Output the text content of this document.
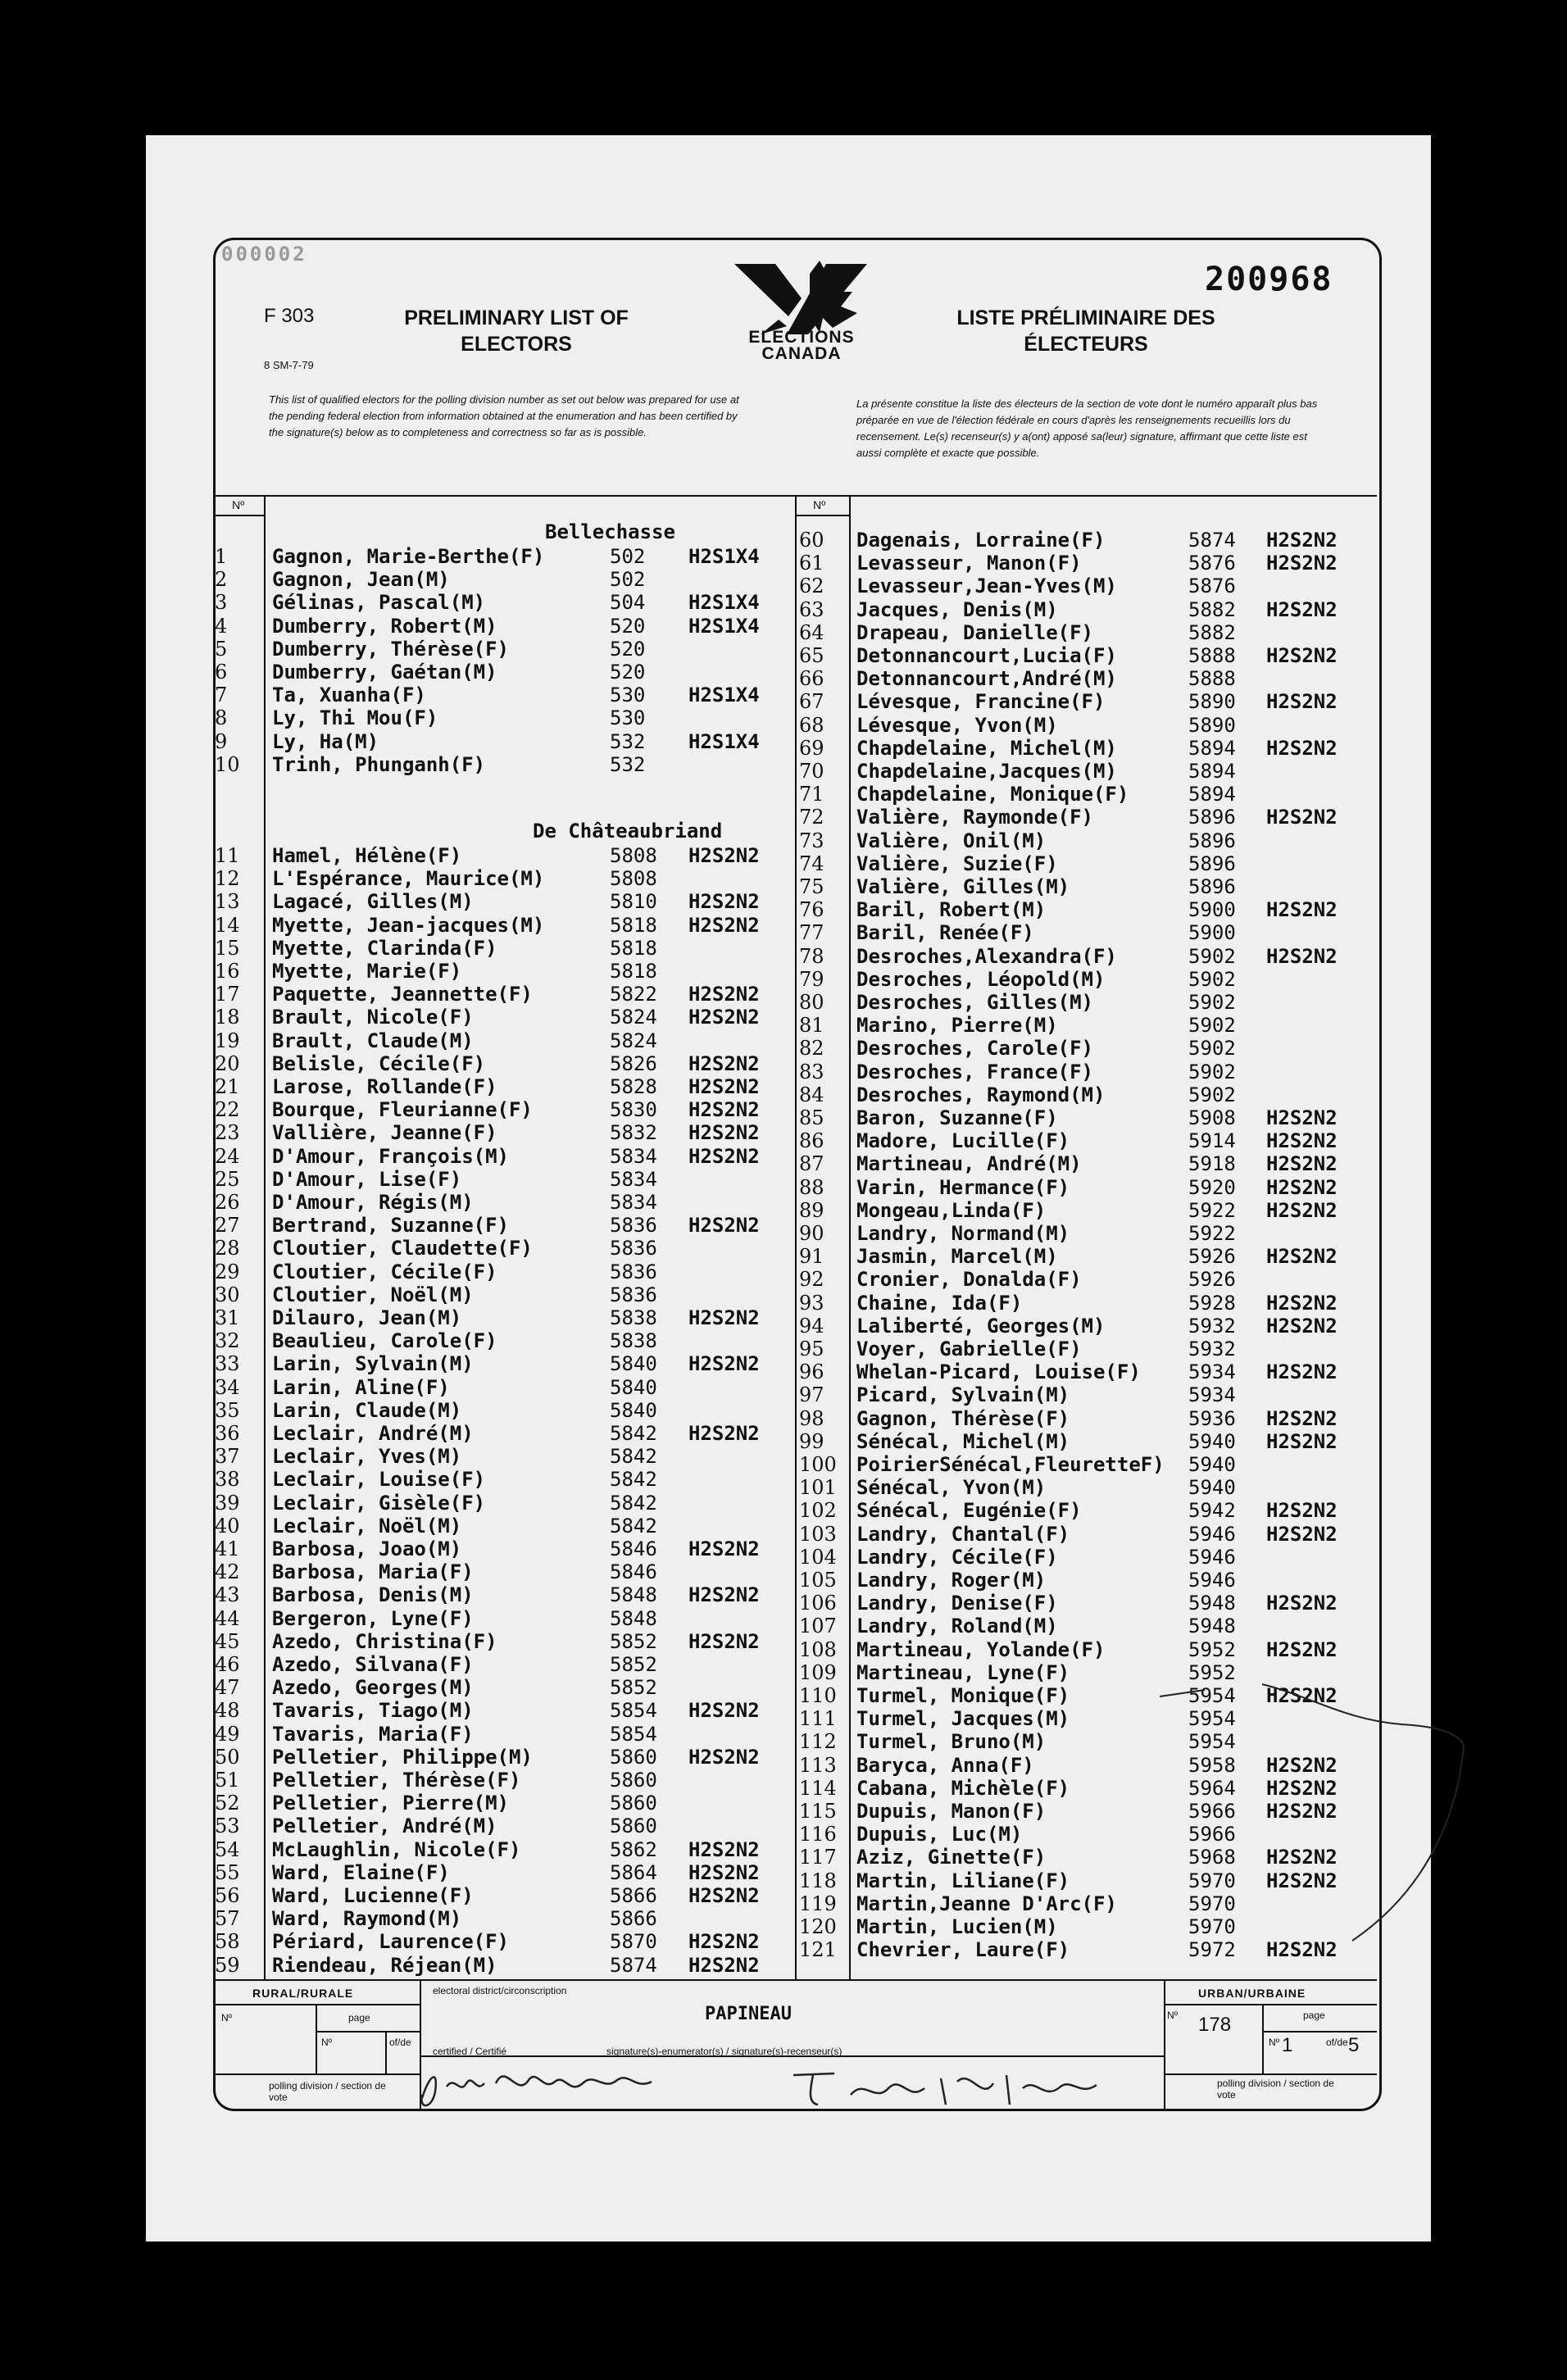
000002
200968
F 303
8 SM-7-79
PRELIMINARY LIST OF
ELECTORS	ELECTIONS
CANADA
LISTE PRÉLIMINAIRE DES
ÉLECTEURS
This list of qualified electors for the polling division number as set out below was prepared for use at the pending federal election from information obtained at the enumeration and has been certified by the signature(s) below as to completeness and correctness so far as is possible.
La présente constitue la liste des électeurs de la section de vote dont le numéro apparaît plus bas préparée en vue de l'élection fédérale en cours d'après les renseignements recueillis lors du recensement. Le(s) recenseur(s) y a(ont) apposé sa(leur) signature, affirmant que cette liste est aussi complète et exacte que possible.
Nº	Nº
Bellechasse
De Châteaubriand
1	Gagnon, Marie-Berthe(F)	502 H2S1X4
2	Gagnon, Jean(M)	502
3	Gélinas, Pascal(M)	504 H2S1X4
4	Dumberry, Robert(M)	520 H2S1X4
5	Dumberry, Thérèse(F)	520
6	Dumberry, Gaétan(M)	520
7	Ta, Xuanha(F)	530 H2S1X4
8	Ly, Thi Mou(F)	530
9	Ly, Ha(M)	532 H2S1X4
10	Trinh, Phunganh(F)	532
11	Hamel, Hélène(F)	5808 H2S2N2
12	L'Espérance, Maurice(M)	5808
13	Lagacé, Gilles(M)	5810 H2S2N2
14	Myette, Jean-jacques(M)	5818 H2S2N2
15	Myette, Clarinda(F)	5818
16	Myette, Marie(F)	5818
17	Paquette, Jeannette(F)	5822 H2S2N2
18	Brault, Nicole(F)	5824 H2S2N2
19	Brault, Claude(M)	5824
20	Belisle, Cécile(F)	5826 H2S2N2
21	Larose, Rollande(F)	5828 H2S2N2
22	Bourque, Fleurianne(F)	5830 H2S2N2
23	Vallière, Jeanne(F)	5832 H2S2N2
24	D'Amour, François(M)	5834 H2S2N2
25	D'Amour, Lise(F)	5834
26	D'Amour, Régis(M)	5834
27	Bertrand, Suzanne(F)	5836 H2S2N2
28	Cloutier, Claudette(F)	5836
29	Cloutier, Cécile(F)	5836
30	Cloutier, Noël(M)	5836
31	Dilauro, Jean(M)	5838 H2S2N2
32	Beaulieu, Carole(F)	5838
33	Larin, Sylvain(M)	5840 H2S2N2
34	Larin, Aline(F)	5840
35	Larin, Claude(M)	5840
36	Leclair, André(M)	5842 H2S2N2
37	Leclair, Yves(M)	5842
38	Leclair, Louise(F)	5842
39	Leclair, Gisèle(F)	5842
40	Leclair, Noël(M)	5842
41	Barbosa, Joao(M)	5846 H2S2N2
42	Barbosa, Maria(F)	5846
43	Barbosa, Denis(M)	5848 H2S2N2
44	Bergeron, Lyne(F)	5848
45	Azedo, Christina(F)	5852 H2S2N2
46	Azedo, Silvana(F)	5852
47	Azedo, Georges(M)	5852
48	Tavaris, Tiago(M)	5854 H2S2N2
49	Tavaris, Maria(F)	5854
50	Pelletier, Philippe(M)	5860 H2S2N2
51	Pelletier, Thérèse(F)	5860
52	Pelletier, Pierre(M)	5860
53	Pelletier, André(M)	5860
54	McLaughlin, Nicole(F)	5862 H2S2N2
55	Ward, Elaine(F)	5864 H2S2N2
56	Ward, Lucienne(F)	5866 H2S2N2
57	Ward, Raymond(M)	5866
58	Périard, Laurence(F)	5870 H2S2N2
59	Riendeau, Réjean(M)	5874 H2S2N2
60	Dagenais, Lorraine(F)	5874 H2S2N2
61	Levasseur, Manon(F)	5876 H2S2N2
62	Levasseur,Jean-Yves(M)	5876
63	Jacques, Denis(M)	5882 H2S2N2
64	Drapeau, Danielle(F)	5882
65	Detonnancourt,Lucia(F)	5888 H2S2N2
66	Detonnancourt,André(M)	5888
67	Lévesque, Francine(F)	5890 H2S2N2
68	Lévesque, Yvon(M)	5890
69	Chapdelaine, Michel(M)	5894 H2S2N2
70	Chapdelaine,Jacques(M)	5894
71	Chapdelaine, Monique(F)	5894
72	Valière, Raymonde(F)	5896 H2S2N2
73	Valière, Onil(M)	5896
74	Valière, Suzie(F)	5896
75	Valière, Gilles(M)	5896
76	Baril, Robert(M)	5900 H2S2N2
77	Baril, Renée(F)	5900
78	Desroches,Alexandra(F)	5902 H2S2N2
79	Desroches, Léopold(M)	5902
80	Desroches, Gilles(M)	5902
81	Marino, Pierre(M)	5902
82	Desroches, Carole(F)	5902
83	Desroches, France(F)	5902
84	Desroches, Raymond(M)	5902
85	Baron, Suzanne(F)	5908 H2S2N2
86	Madore, Lucille(F)	5914 H2S2N2
87	Martineau, André(M)	5918 H2S2N2
88	Varin, Hermance(F)	5920 H2S2N2
89	Mongeau,Linda(F)	5922 H2S2N2
90	Landry, Normand(M)	5922
91	Jasmin, Marcel(M)	5926 H2S2N2
92	Cronier, Donalda(F)	5926
93	Chaine, Ida(F)	5928 H2S2N2
94	Laliberté, Georges(M)	5932 H2S2N2
95	Voyer, Gabrielle(F)	5932
96	Whelan-Picard, Louise(F) 5934 H2S2N2
97	Picard, Sylvain(M)	5934
98	Gagnon, Thérèse(F)	5936 H2S2N2
99	Sénécal, Michel(M)	5940 H2S2N2
100 PoirierSénécal,FleuretteF) 5940
101 Sénécal, Yvon(M)	5940
102 Sénécal, Eugénie(F)	5942 H2S2N2
103 Landry, Chantal(F)	5946 H2S2N2
104 Landry, Cécile(F)	5946
105 Landry, Roger(M)	5946
106 Landry, Denise(F)	5948 H2S2N2
107 Landry, Roland(M)	5948
108 Martineau, Yolande(F)	5952 H2S2N2
109 Martineau, Lyne(F)	5952
110 Turmel, Monique(F)	5954 H2S2N2
111 Turmel, Jacques(M)	5954
112 Turmel, Bruno(M)	5954
113 Baryca, Anna(F)	5958 H2S2N2
114 Cabana, Michèle(F)	5964 H2S2N2
115 Dupuis, Manon(F)	5966 H2S2N2
116 Dupuis, Luc(M)	5966
117 Aziz, Ginette(F)	5968 H2S2N2
118 Martin, Liliane(F)	5970 H2S2N2
119 Martin,Jeanne D'Arc(F)	5970
120 Martin, Lucien(M)	5970
121 Chevrier, Laure(F)	5972 H2S2N2
RURAL/RURALE	URBAN/URBAINE
electoral district/circonscription
PAPINEAU
Nº	page
Nº	of/de
Nº	page
178
Nº 1	of/de 5
certified / Certifié	signature(s)-enumerator(s) / signature(s)-recenseur(s)
polling division / section de vote
polling division / section de vote
